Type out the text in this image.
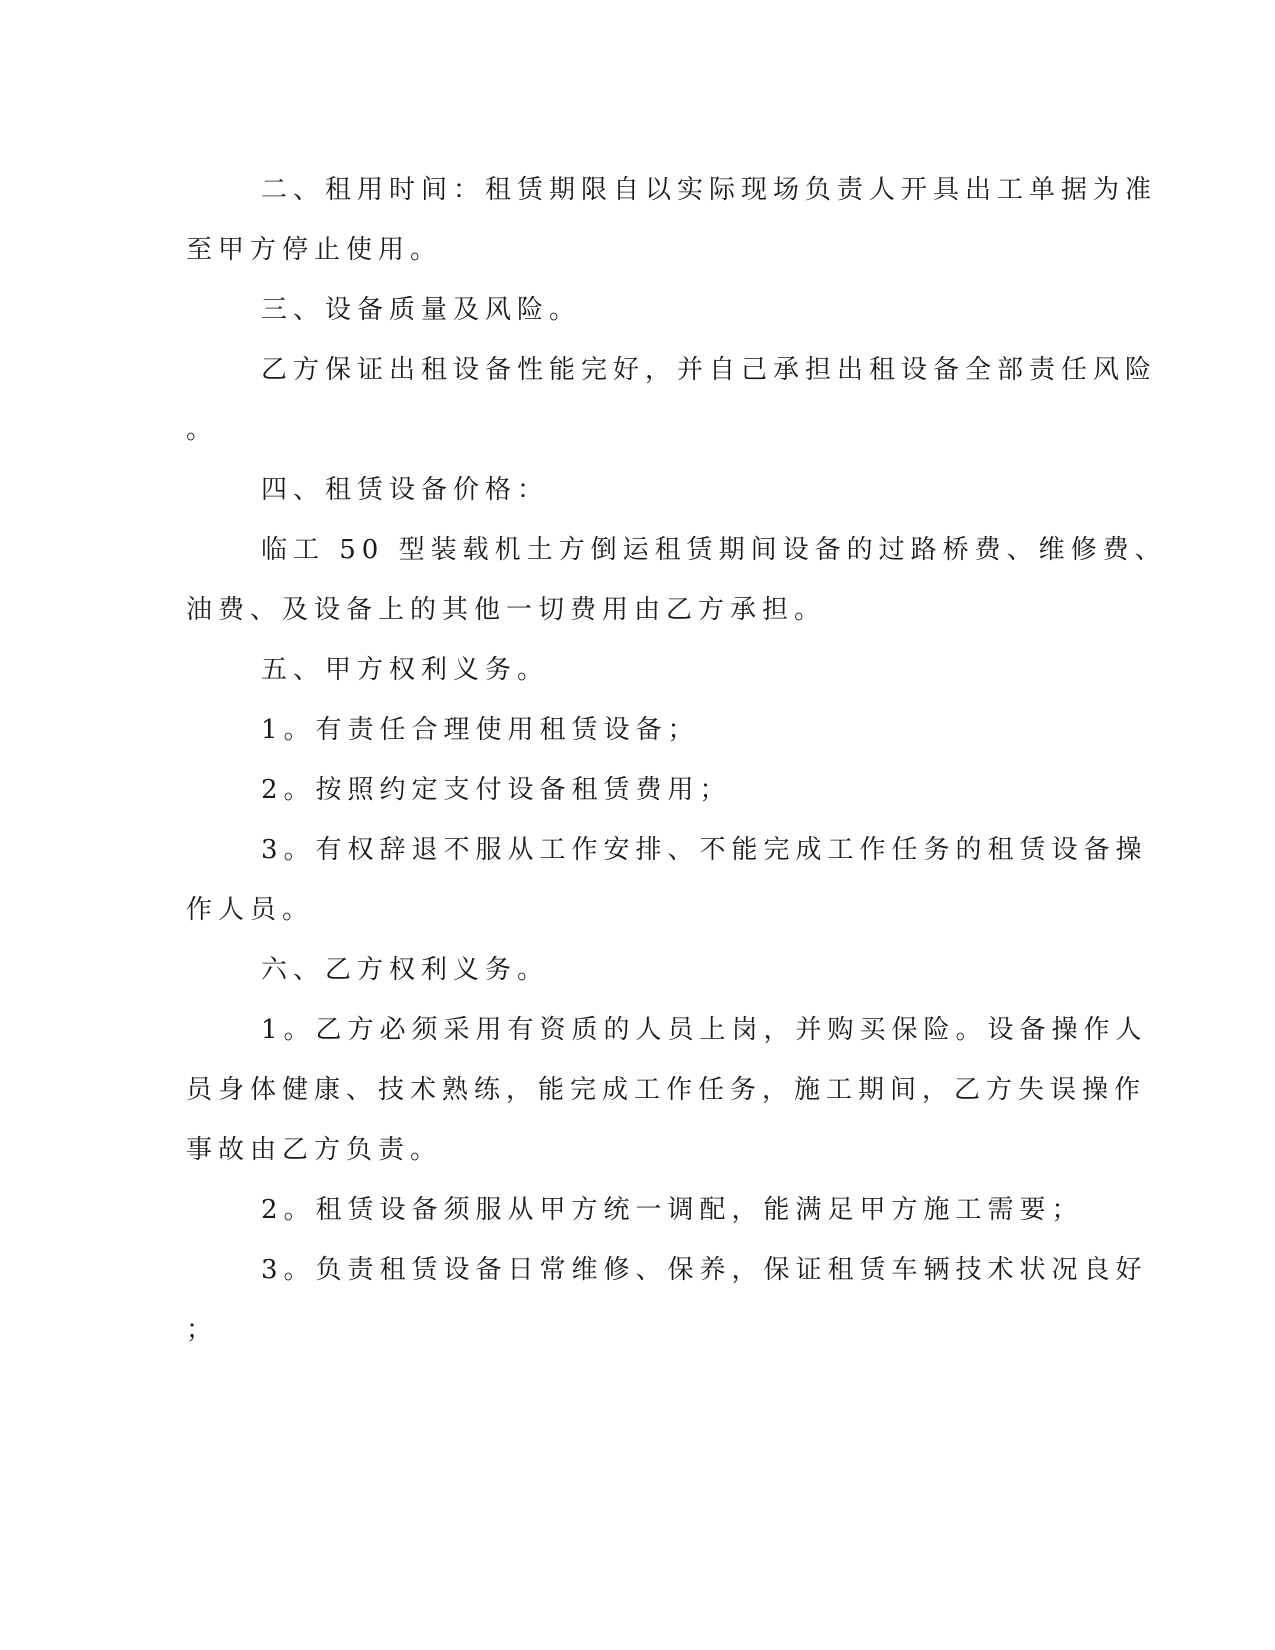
二、租用时间：租赁期限自以实际现场负责人开具出工单据为准
至甲方停止使用。
三、设备质量及风险。
乙方保证出租设备性能完好，并自己承担出租设备全部责任风险
。
四、租赁设备价格：
临工 50 型装载机土方倒运租赁期间设备的过路桥费、维修费、
油费、及设备上的其他一切费用由乙方承担。
五、甲方权利义务。
1。有责任合理使用租赁设备；
2。按照约定支付设备租赁费用；
3。有权辞退不服从工作安排、不能完成工作任务的租赁设备操
作人员。
六、乙方权利义务。
1。乙方必须采用有资质的人员上岗，并购买保险。设备操作人
员身体健康、技术熟练，能完成工作任务，施工期间，乙方失误操作
事故由乙方负责。
2。租赁设备须服从甲方统一调配，能满足甲方施工需要；
3。负责租赁设备日常维修、保养，保证租赁车辆技术状况良好
；
